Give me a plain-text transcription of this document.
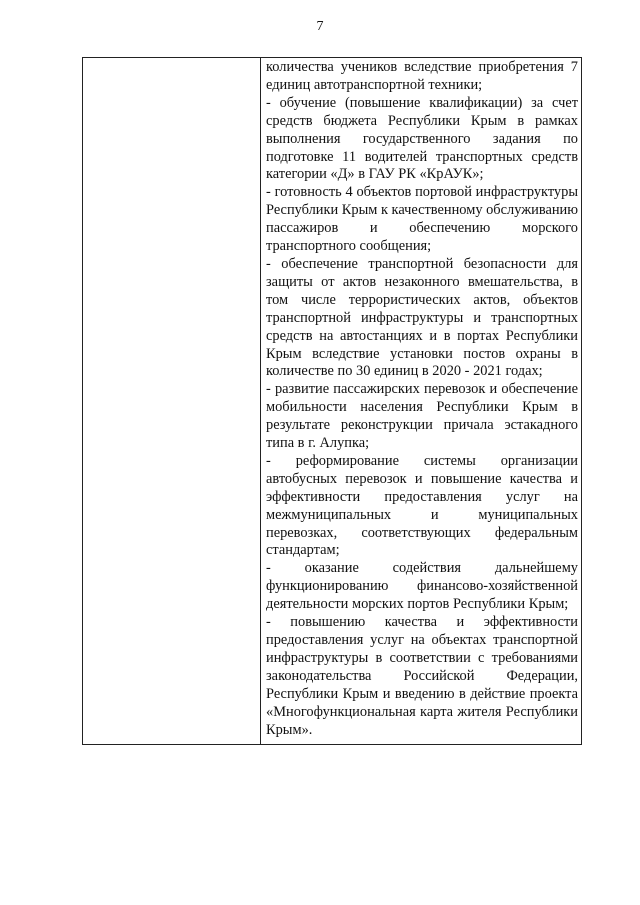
7

количества учеников вследствие приобретения 7 единиц автотранспортной техники;

- обучение (повышение квалификации) за счет средств бюджета Республики Крым в рамках выполнения государственного задания по подготовке 11 водителей транспортных средств категории «Д» в ГАУ РК «КрАУК»;

- готовность 4 объектов портовой инфраструктуры Республики Крым к качественному обслуживанию пассажиров и обеспечению морского транспортного сообщения;

- обеспечение транспортной безопасности для защиты от актов незаконного вмешательства, в том числе террористических актов, объектов транспортной инфраструктуры и транспортных средств на автостанциях и в портах Республики Крым вследствие установки постов охраны в количестве по 30 единиц в 2020 - 2021 годах;

- развитие пассажирских перевозок и обеспечение мобильности населения Республики Крым в результате реконструкции причала эстакадного типа в г. Алупка;

- реформирование системы организации автобусных перевозок и повышение качества и эффективности предоставления услуг на межмуниципальных и муниципальных перевозках, соответствующих федеральным стандартам;

- оказание содействия дальнейшему функционированию финансово-хозяйственной деятельности морских портов Республики Крым;

- повышению качества и эффективности предоставления услуг на объектах транспортной инфраструктуры в соответствии с требованиями законодательства Российской Федерации, Республики Крым и введению в действие проекта «Многофункциональная карта жителя Республики Крым».
